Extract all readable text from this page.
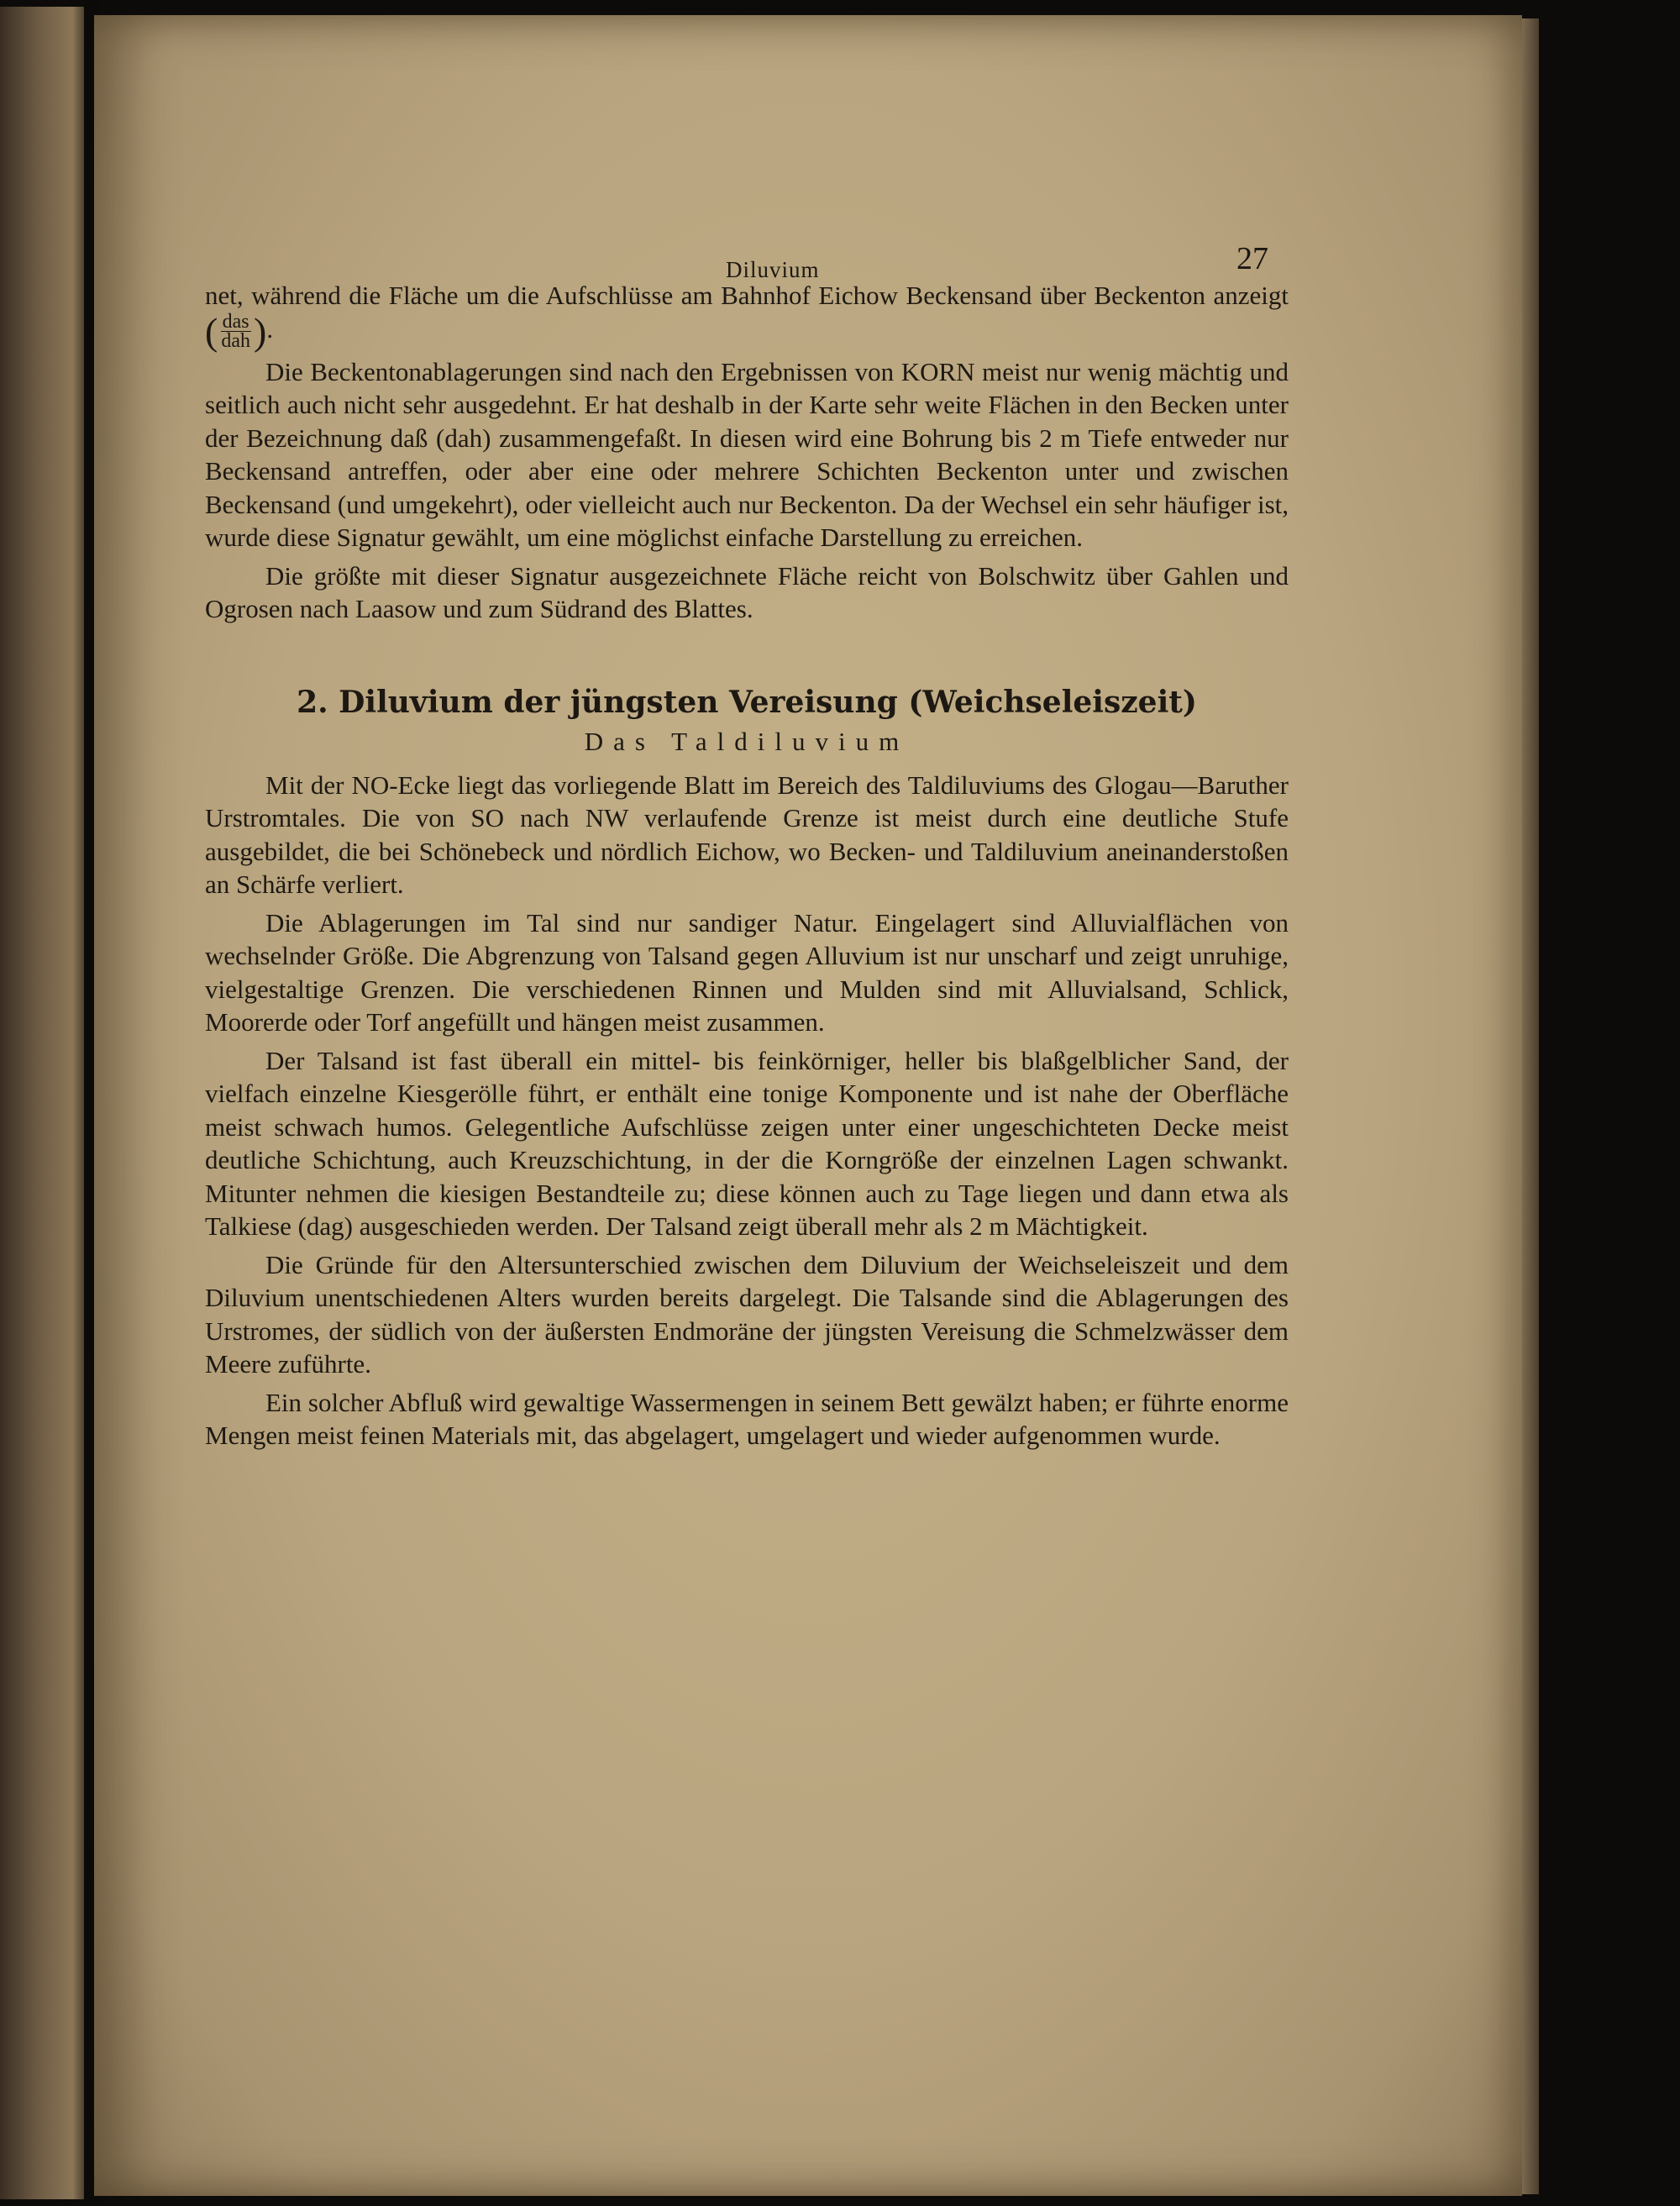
Diluvium	27

net, während die Fläche um die Aufschlüsse am Bahnhof Eichow Beckensand über Beckenton anzeigt ( $\frac{\text{das}}{\text{dah}}$ ).

Die Beckentonablagerungen sind nach den Ergebnissen von KORN meist nur wenig mächtig und seitlich auch nicht sehr ausgedehnt. Er hat deshalb in der Karte sehr weite Flächen in den Becken unter der Bezeichnung daß (dah) zusammengefaßt. In diesen wird eine Bohrung bis 2 m Tiefe entweder nur Beckensand antreffen, oder aber eine oder mehrere Schichten Beckenton unter und zwischen Beckensand (und umgekehrt), oder vielleicht auch nur Beckenton. Da der Wechsel ein sehr häufiger ist, wurde diese Signatur gewählt, um eine möglichst einfache Darstellung zu erreichen.

Die größte mit dieser Signatur ausgezeichnete Fläche reicht von Bolschwitz über Gahlen und Ogrosen nach Laasow und zum Südrand des Blattes.

2. Diluvium der jüngsten Vereisung (Weichseleiszeit)
Das Taldiluvium

Mit der NO-Ecke liegt das vorliegende Blatt im Bereich des Taldiluviums des Glogau—Baruther Urstromtales. Die von SO nach NW verlaufende Grenze ist meist durch eine deutliche Stufe ausgebildet, die bei Schönebeck und nördlich Eichow, wo Becken- und Taldiluvium aneinanderstoßen an Schärfe verliert.

Die Ablagerungen im Tal sind nur sandiger Natur. Eingelagert sind Alluvialflächen von wechselnder Größe. Die Abgrenzung von Talsand gegen Alluvium ist nur unscharf und zeigt unruhige, vielgestaltige Grenzen. Die verschiedenen Rinnen und Mulden sind mit Alluvialsand, Schlick, Moorerde oder Torf angefüllt und hängen meist zusammen.

Der Talsand ist fast überall ein mittel- bis feinkörniger, heller bis blaßgelblicher Sand, der vielfach einzelne Kiesgerölle führt, er enthält eine tonige Komponente und ist nahe der Oberfläche meist schwach humos. Gelegentliche Aufschlüsse zeigen unter einer ungeschichteten Decke meist deutliche Schichtung, auch Kreuzschichtung, in der die Korngröße der einzelnen Lagen schwankt. Mitunter nehmen die kiesigen Bestandteile zu; diese können auch zu Tage liegen und dann etwa als Talkiese (dag) ausgeschieden werden. Der Talsand zeigt überall mehr als 2 m Mächtigkeit.

Die Gründe für den Altersunterschied zwischen dem Diluvium der Weichseleiszeit und dem Diluvium unentschiedenen Alters wurden bereits dargelegt. Die Talsande sind die Ablagerungen des Urstromes, der südlich von der äußersten Endmoräne der jüngsten Vereisung die Schmelzwässer dem Meere zuführte.

Ein solcher Abfluß wird gewaltige Wassermengen in seinem Bett gewälzt haben; er führte enorme Mengen meist feinen Materials mit, das abgelagert, umgelagert und wieder aufgenommen wurde.
